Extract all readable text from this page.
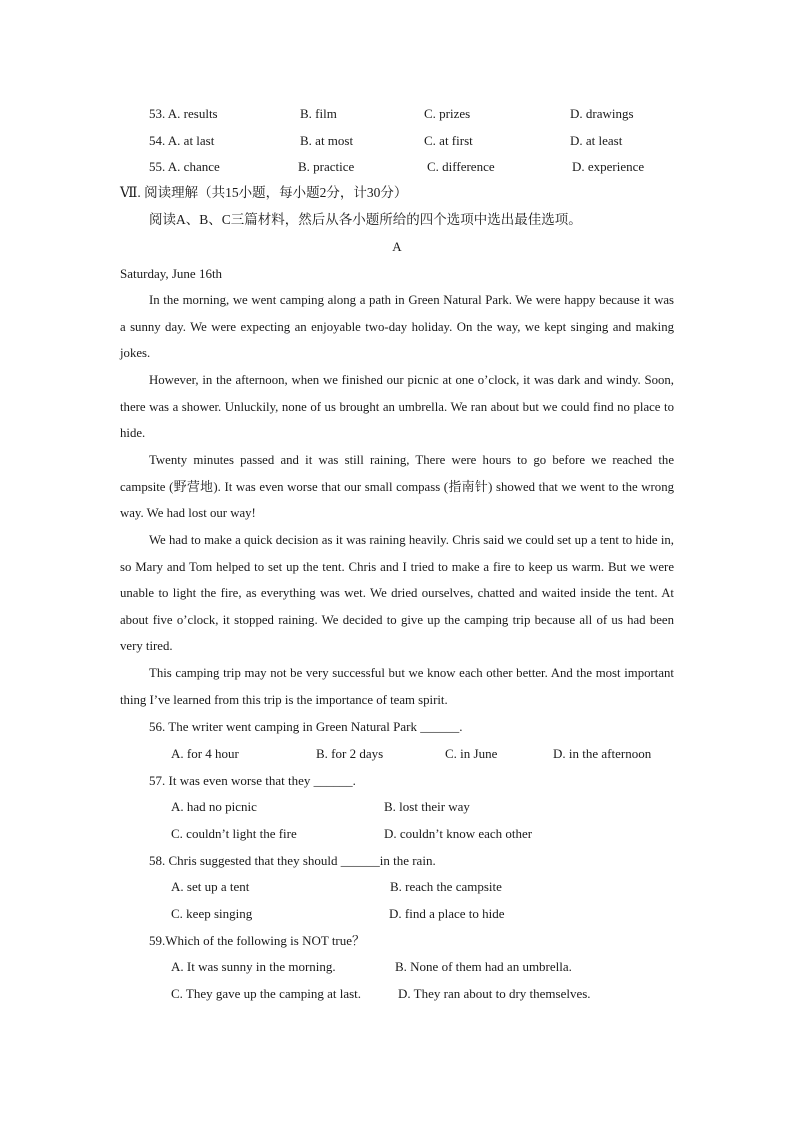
53. A. results	B. film	C. prizes	D. drawings
54. A. at last	B. at most	C. at first	D. at least
55. A. chance	B. practice	C. difference	D. experience
Ⅶ. 阅读理解（共15小题，每小题2分，计30分）
阅读A、B、C三篇材料，然后从各小题所给的四个选项中选出最佳选项。
A
Saturday, June 16th
In the morning, we went camping along a path in Green Natural Park. We were happy because it was a sunny day. We were expecting an enjoyable two-day holiday. On the way, we kept singing and making jokes.
However, in the afternoon, when we finished our picnic at one o’clock, it was dark and windy. Soon, there was a shower. Unluckily, none of us brought an umbrella. We ran about but we could find no place to hide.
Twenty minutes passed and it was still raining, There were hours to go before we reached the campsite (野营地). It was even worse that our small compass (指南针) showed that we went to the wrong way. We had lost our way!
We had to make a quick decision as it was raining heavily. Chris said we could set up a tent to hide in, so Mary and Tom helped to set up the tent. Chris and I tried to make a fire to keep us warm. But we were unable to light the fire, as everything was wet. We dried ourselves, chatted and waited inside the tent. At about five o’clock, it stopped raining. We decided to give up the camping trip because all of us had been very tired.
This camping trip may not be very successful but we know each other better. And the most important thing I’ve learned from this trip is the importance of team spirit.
56. The writer went camping in Green Natural Park ______.
A. for 4 hour	B. for 2 days	C. in June	D. in the afternoon
57. It was even worse that they ______.
A. had no picnic	B. lost their way
C. couldn’t light the fire	D. couldn’t know each other
58. Chris suggested that they should ______in the rain.
A. set up a tent	B. reach the campsite
C. keep singing	D. find a place to hide
59.Which of the following is NOT true？
A. It was sunny in the morning.	B. None of them had an umbrella.
C. They gave up the camping at last.	D. They ran about to dry themselves.
